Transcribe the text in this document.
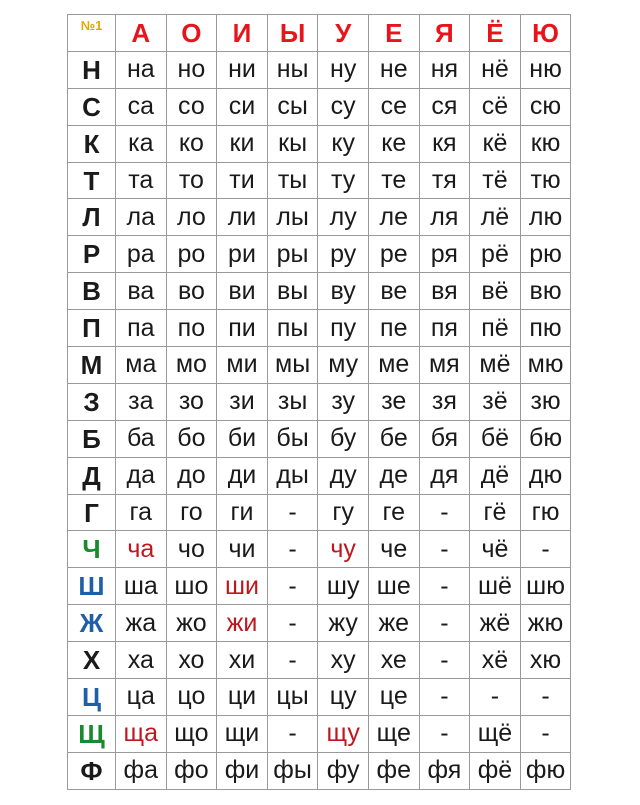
№1	А	О	И	Ы	У	Е	Я	Ё	Ю
Н	на	но	ни	ны	ну	не	ня	нё	ню
С	са	со	си	сы	су	се	ся	сё	сю
К	ка	ко	ки	кы	ку	ке	кя	кё	кю
Т	та	то	ти	ты	ту	те	тя	тё	тю
Л	ла	ло	ли	лы	лу	ле	ля	лё	лю
Р	ра	ро	ри	ры	ру	ре	ря	рё	рю
В	ва	во	ви	вы	ву	ве	вя	вё	вю
П	па	по	пи	пы	пу	пе	пя	пё	пю
М	ма	мо	ми	мы	му	ме	мя	мё	мю
З	за	зо	зи	зы	зу	зе	зя	зё	зю
Б	ба	бо	би	бы	бу	бе	бя	бё	бю
Д	да	до	ди	ды	ду	де	дя	дё	дю
Г	га	го	ги	-	гу	ге	-	гё	гю
Ч	ча	чо	чи	-	чу	че	-	чё	-
Ш	ша	шо	ши	-	шу	ше	-	шё	шю
Ж	жа	жо	жи	-	жу	же	-	жё	жю
Х	ха	хо	хи	-	ху	хе	-	хё	хю
Ц	ца	цо	ци	цы	цу	це	-	-	-
Щ	ща	що	щи	-	щу	ще	-	щё	-
Ф	фа	фо	фи	фы	фу	фе	фя	фё	фю
